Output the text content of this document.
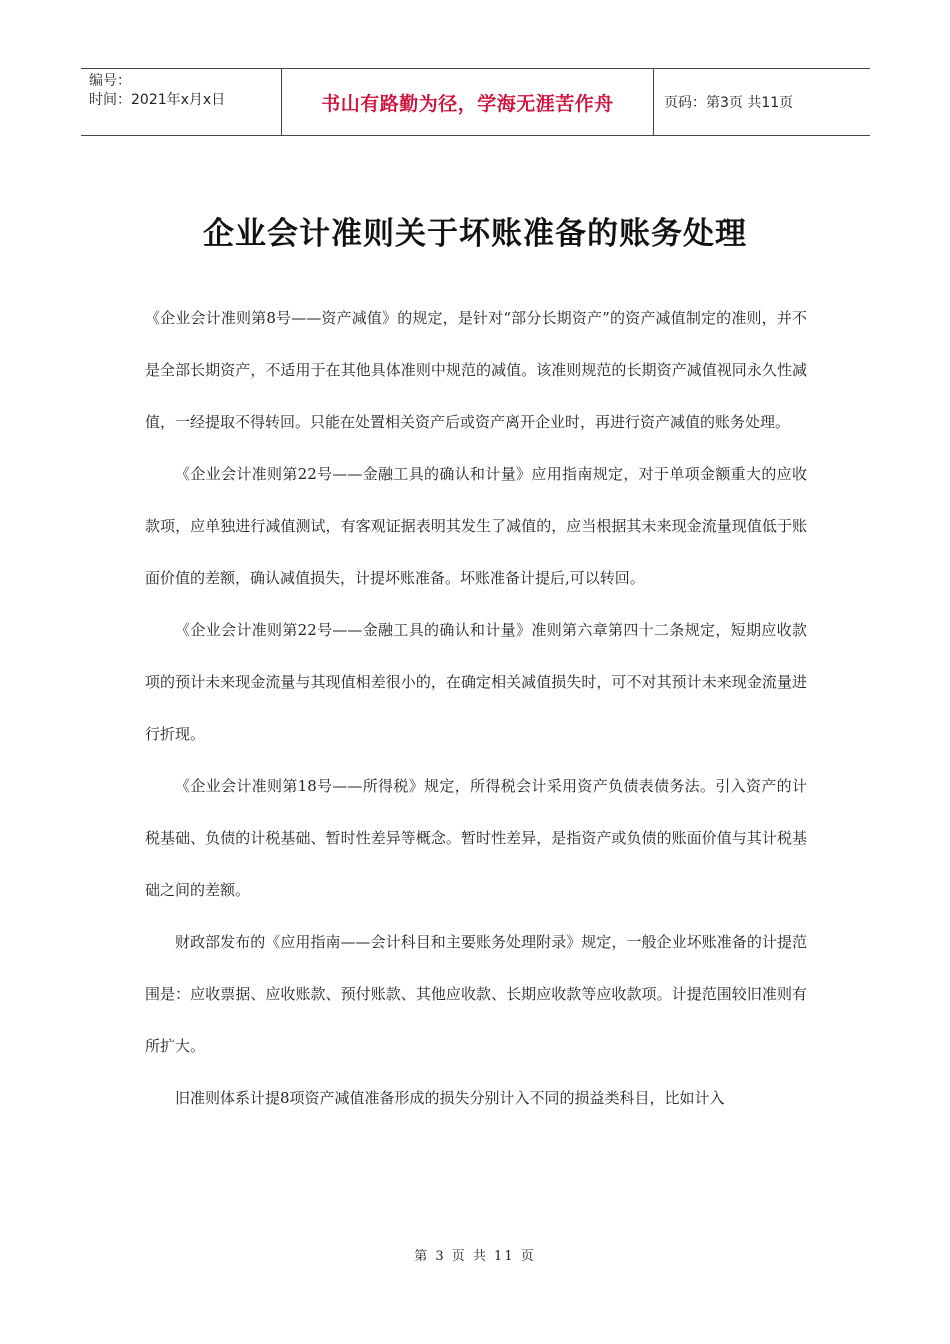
编号：
时间：2021年x月x日	书山有路勤为径，学海无涯苦作舟	页码：第3页 共11页
企业会计准则关于坏账准备的账务处理

《企业会计准则第8号——资产减值》的规定，是针对“部分长期资产”的资产减值制定的准则，并不是全部长期资产，不适用于在其他具体准则中规范的减值。该准则规范的长期资产减值视同永久性减值，一经提取不得转回。只能在处置相关资产后或资产离开企业时，再进行资产减值的账务处理。

《企业会计准则第22号——金融工具的确认和计量》应用指南规定，对于单项金额重大的应收款项，应单独进行减值测试，有客观证据表明其发生了减值的，应当根据其未来现金流量现值低于账面价值的差额，确认减值损失，计提坏账准备。坏账准备计提后,可以转回。

《企业会计准则第22号——金融工具的确认和计量》准则第六章第四十二条规定，短期应收款项的预计未来现金流量与其现值相差很小的，在确定相关减值损失时，可不对其预计未来现金流量进行折现。

《企业会计准则第18号——所得税》规定，所得税会计采用资产负债表债务法。引入资产的计税基础、负债的计税基础、暂时性差异等概念。暂时性差异，是指资产或负债的账面价值与其计税基础之间的差额。

财政部发布的《应用指南——会计科目和主要账务处理附录》规定，一般企业坏账准备的计提范围是：应收票据、应收账款、预付账款、其他应收款、长期应收款等应收款项。计提范围较旧准则有所扩大。

旧准则体系计提8项资产减值准备形成的损失分别计入不同的损益类科目，比如计入

第 3 页 共 11 页
